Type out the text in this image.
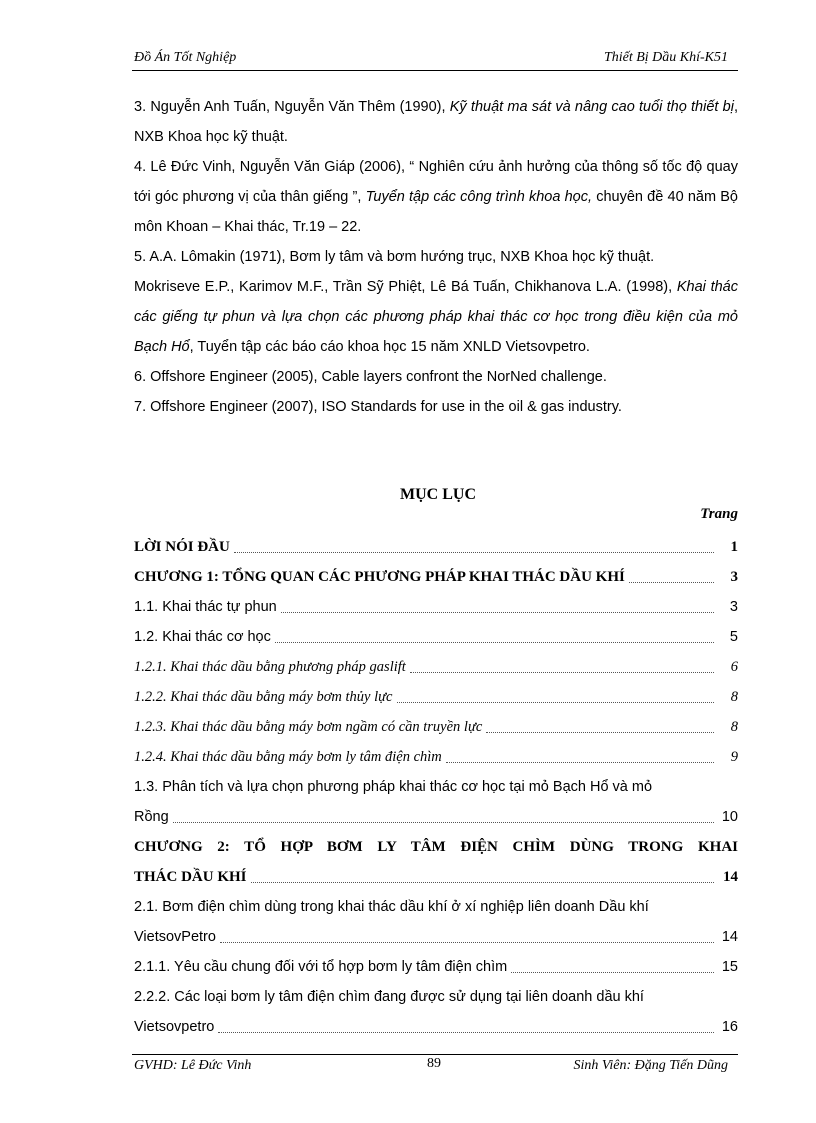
Đồ Án Tốt Nghiệp	Thiết Bị Dầu Khí-K51

3. Nguyễn Anh Tuấn, Nguyễn Văn Thêm (1990), Kỹ thuật ma sát và nâng cao tuổi thọ thiết bị, NXB Khoa học kỹ thuật.

4. Lê Đức Vinh, Nguyễn Văn Giáp (2006), “ Nghiên cứu ảnh hưởng của thông số tốc độ quay tới góc phương vị của thân giếng ”, Tuyển tập các công trình khoa học, chuyên đề 40 năm Bộ môn Khoan – Khai thác, Tr.19 – 22.

5. A.A. Lômakin (1971), Bơm ly tâm và bơm hướng trục, NXB Khoa học kỹ thuật.

Mokriseve E.P., Karimov M.F., Trần Sỹ Phiệt, Lê Bá Tuấn, Chikhanova L.A. (1998), Khai thác các giếng tự phun và lựa chọn các phương pháp khai thác cơ học trong điều kiện của mỏ Bạch Hổ, Tuyển tập các báo cáo khoa học 15 năm XNLD Vietsovpetro.

6. Offshore Engineer (2005), Cable layers confront the NorNed challenge.

7. Offshore Engineer (2007), ISO Standards for use in the oil & gas industry.

MỤC LỤC
Trang
LỜI NÓI ĐẦU	1
CHƯƠNG 1: TỔNG QUAN CÁC PHƯƠNG PHÁP KHAI THÁC DẦU KHÍ	3
1.1. Khai thác tự phun	3
1.2. Khai thác cơ học	5
1.2.1. Khai thác dầu bằng phương pháp gaslift	6
1.2.2. Khai thác dầu bằng máy bơm thủy lực	8
1.2.3. Khai thác dầu bằng máy bơm ngầm có cần truyền lực	8
1.2.4. Khai thác dầu bằng máy bơm ly tâm điện chìm	9
1.3. Phân tích và lựa chọn phương pháp khai thác cơ học tại mỏ Bạch Hổ và mỏ
Rồng	10
CHƯƠNG 2: TỔ HỢP BƠM LY TÂM ĐIỆN CHÌM DÙNG TRONG KHAI
THÁC DẦU KHÍ	14
2.1. Bơm điện chìm dùng trong khai thác dầu khí ở xí nghiệp liên doanh Dầu khí
VietsovPetro	14
2.1.1. Yêu cầu chung đối với tổ hợp bơm ly tâm điện chìm	15
2.2.2. Các loại bơm ly tâm điện chìm đang được sử dụng tại liên doanh dầu khí
Vietsovpetro	16
GVHD: Lê Đức Vinh	89	Sinh Viên: Đặng Tiến Dũng
